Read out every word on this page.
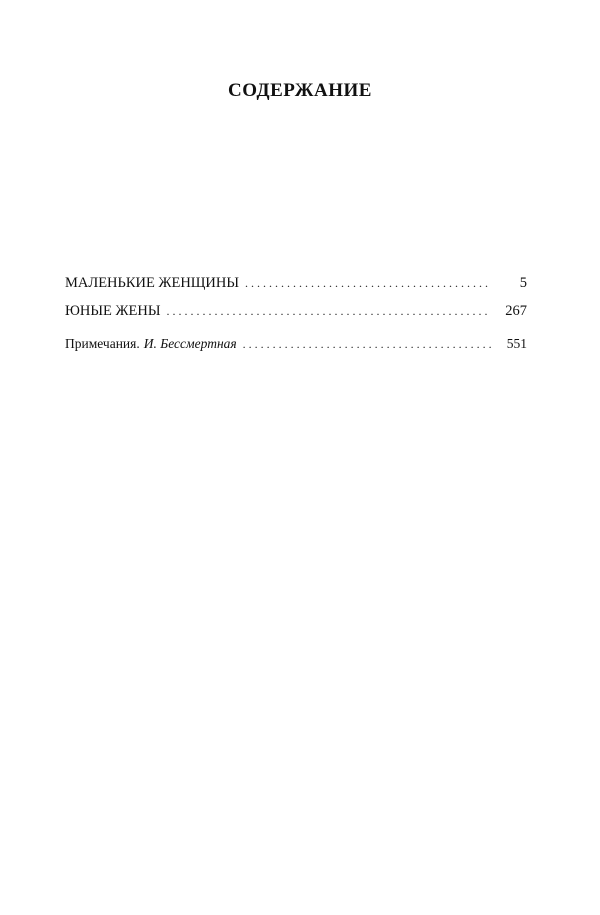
СОДЕРЖАНИЕ
МАЛЕНЬКИЕ ЖЕНЩИНЫ . . .	5
ЮНЫЕ ЖЕНЫ . . .	267
Примечания. И. Бессмертная . . .	551
